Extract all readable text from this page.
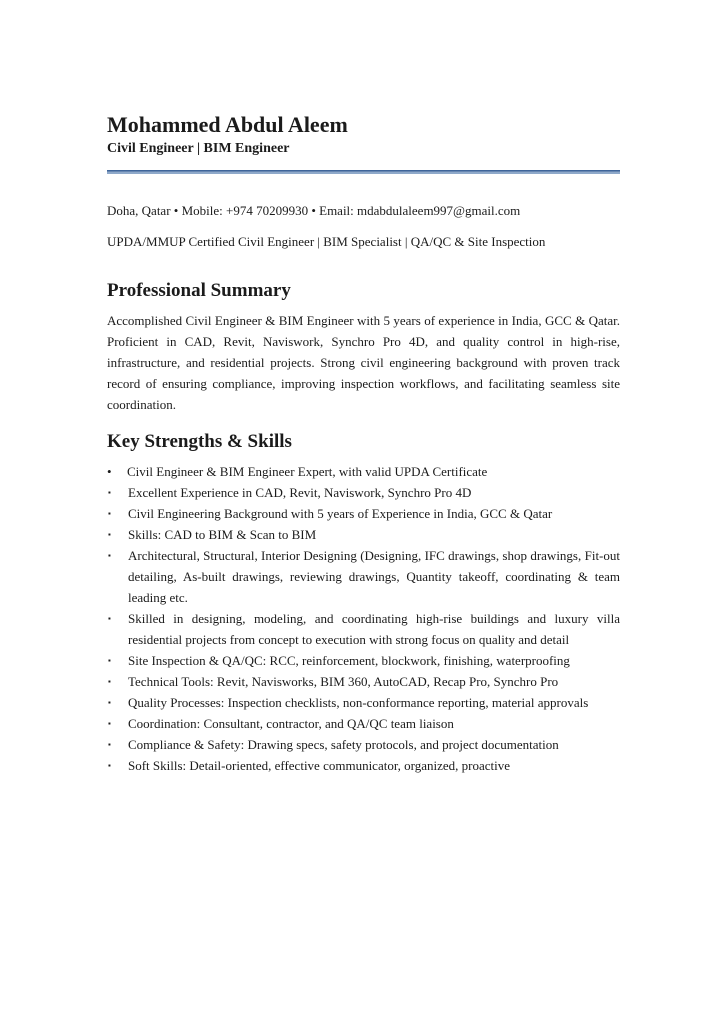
Mohammed Abdul Aleem

Civil Engineer | BIM Engineer

Doha, Qatar • Mobile: +974 70209930 • Email: mdabdulaleem997@gmail.com

UPDA/MMUP Certified Civil Engineer | BIM Specialist | QA/QC & Site Inspection

Professional Summary

Accomplished Civil Engineer & BIM Engineer with 5 years of experience in India, GCC & Qatar. Proficient in CAD, Revit, Naviswork, Synchro Pro 4D, and quality control in high-rise, infrastructure, and residential projects. Strong civil engineering background with proven track record of ensuring compliance, improving inspection workflows, and facilitating seamless site coordination.

Key Strengths & Skills
•	Civil Engineer & BIM Engineer Expert, with valid UPDA Certificate
▪	Excellent Experience in CAD, Revit, Naviswork, Synchro Pro 4D
▪	Civil Engineering Background with 5 years of Experience in India, GCC & Qatar
▪	Skills: CAD to BIM & Scan to BIM
▪	Architectural, Structural, Interior Designing (Designing, IFC drawings, shop drawings, Fit-out detailing, As-built drawings, reviewing drawings, Quantity takeoff, coordinating & team leading etc.
▪	Skilled in designing, modeling, and coordinating high-rise buildings and luxury villa residential projects from concept to execution with strong focus on quality and detail
▪	Site Inspection & QA/QC: RCC, reinforcement, blockwork, finishing, waterproofing
▪	Technical Tools: Revit, Navisworks, BIM 360, AutoCAD, Recap Pro, Synchro Pro
▪	Quality Processes: Inspection checklists, non-conformance reporting, material approvals
▪	Coordination: Consultant, contractor, and QA/QC team liaison
▪	Compliance & Safety: Drawing specs, safety protocols, and project documentation
▪	Soft Skills: Detail-oriented, effective communicator, organized, proactive
